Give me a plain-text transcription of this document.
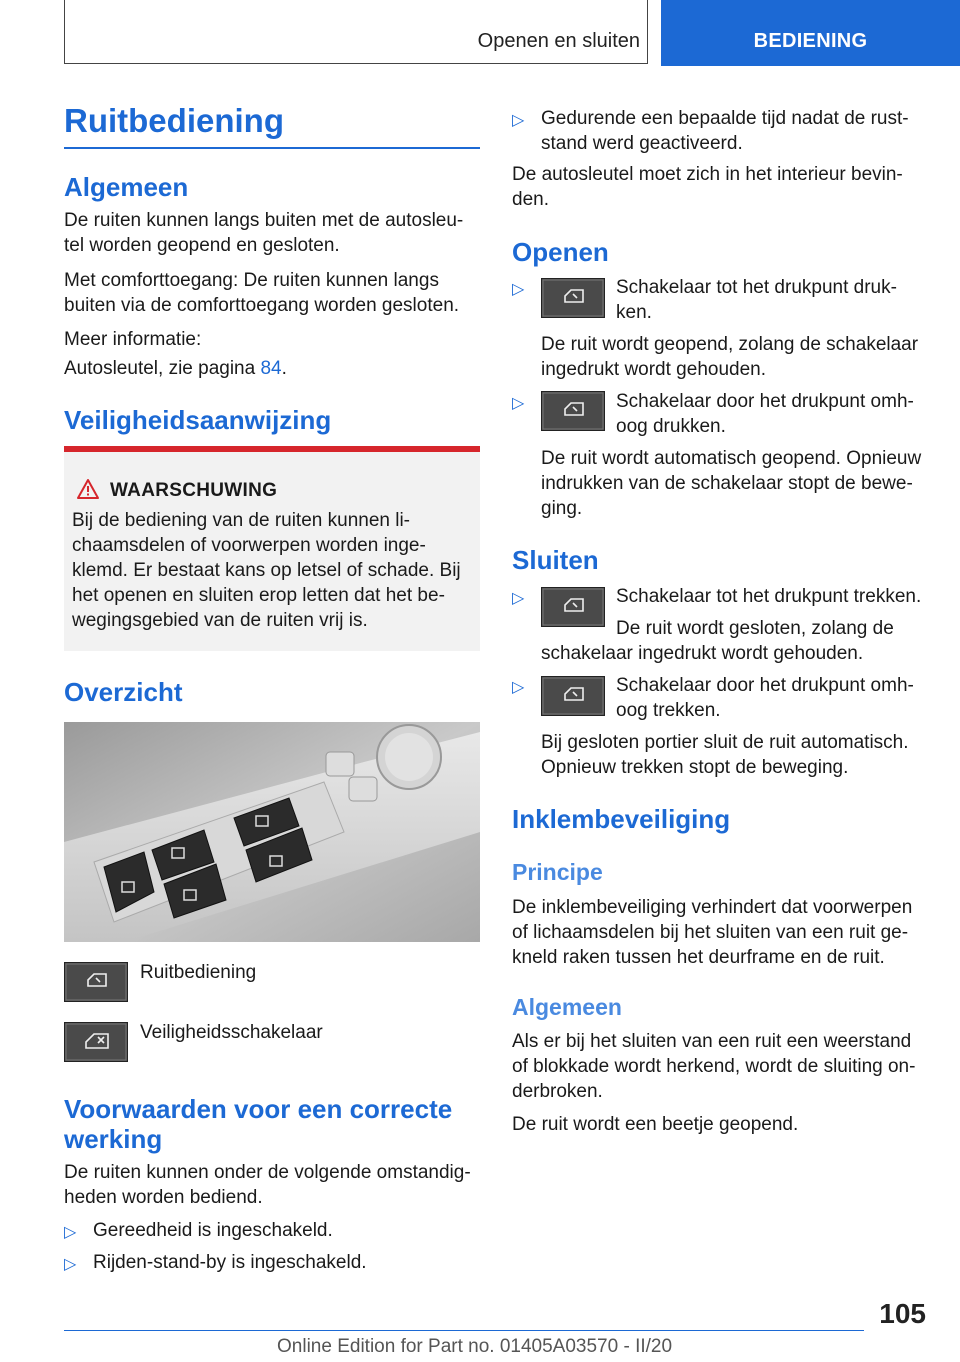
Openen en sluiten	BEDIENING
Ruitbediening
Algemeen

De ruiten kunnen langs buiten met de autosleu-

tel worden geopend en gesloten.

Met comforttoegang: De ruiten kunnen langs

buiten via de comforttoegang worden gesloten.

Meer informatie:

Autosleutel, zie pagina 84.

Veiligheidsaanwijzing
WAARSCHUWING
Bij de bediening van de ruiten kunnen li-
chaamsdelen of voorwerpen worden inge-
klemd. Er bestaat kans op letsel of schade. Bij
het openen en sluiten erop letten dat het be-
wegingsgebied van de ruiten vrij is.
Overzicht

Ruitbediening

Veiligheidsschakelaar

Voorwaarden voor een correcte
werking

De ruiten kunnen onder de volgende omstandig-

heden worden bediend.

▷ Gereedheid is ingeschakeld.

▷ Rijden-stand-by is ingeschakeld.

▷ Gedurende een bepaalde tijd nadat de rust-

stand werd geactiveerd.

De autosleutel moet zich in het interieur bevin-

den.

Openen
▷	Schakelaar tot het drukpunt druk-

ken.

De ruit wordt geopend, zolang de schakelaar

ingedrukt wordt gehouden.

▷	Schakelaar door het drukpunt omh-

oog drukken.

De ruit wordt automatisch geopend. Opnieuw

indrukken van de schakelaar stopt de bewe-

ging.

Sluiten
▷	Schakelaar tot het drukpunt trekken.

De ruit wordt gesloten, zolang de

schakelaar ingedrukt wordt gehouden.

▷	Schakelaar door het drukpunt omh-

oog trekken.

Bij gesloten portier sluit de ruit automatisch.

Opnieuw trekken stopt de beweging.

Inklembeveiliging
Principe

De inklembeveiliging verhindert dat voorwerpen

of lichaamsdelen bij het sluiten van een ruit ge-

kneld raken tussen het deurframe en de ruit.

Algemeen

Als er bij het sluiten van een ruit een weerstand

of blokkade wordt herkend, wordt de sluiting on-

derbroken.

De ruit wordt een beetje geopend.

105
Online Edition for Part no. 01405A03570 - II/20
